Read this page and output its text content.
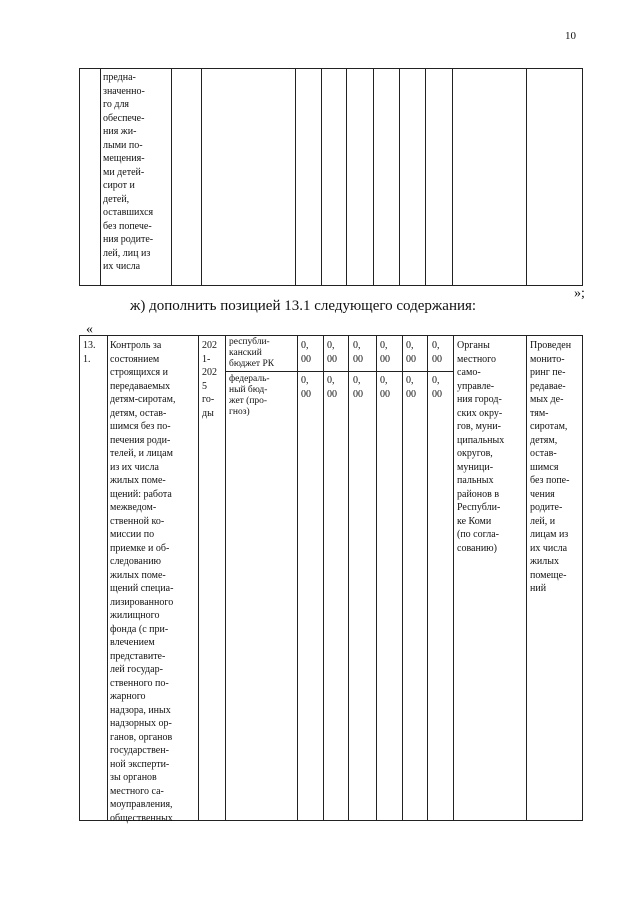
10
предна-
значенно-
го для
обеспече-
ния жи-
лыми по-
мещения-
ми детей-
сирот и
детей,
оставшихся
без попече-
ния родите-
лей, лиц из
их числа
»;
ж) дополнить позицией 13.1 следующего содержания:
«
13.
1.
Контроль за
состоянием
строящихся и
передаваемых
детям-сиротам,
детям, остав-
шимся без по-
печения роди-
телей, и лицам
из их числа
жилых поме-
щений: работа
межведом-
ственной ко-
миссии по
приемке и об-
следованию
жилых поме-
щений специа-
лизированного
жилищного
фонда (с при-
влечением
представите-
лей государ-
ственного по-
жарного
надзора, иных
надзорных ор-
ганов, органов
государствен-
ной эксперти-
зы органов
местного са-
моуправления,
общественных
202
1-
202
5
го-
ды
республи-
канский
бюджет РК
федераль-
ный бюд-
жет (про-
гноз)
0,
00
0,
00
0,
00
0,
00
0,
00
0,
00
0,
00
0,
00
0,
00
0,
00
0,
00
0,
00
Органы
местного
само-
управле-
ния город-
ских окру-
гов, муни-
ципальных
округов,
муници-
пальных
районов в
Республи-
ке Коми
(по согла-
сованию)
Проведен
монито-
ринг пе-
редавае-
мых де-
тям-
сиротам,
детям,
остав-
шимся
без попе-
чения
родите-
лей, и
лицам из
их числа
жилых
помеще-
ний
